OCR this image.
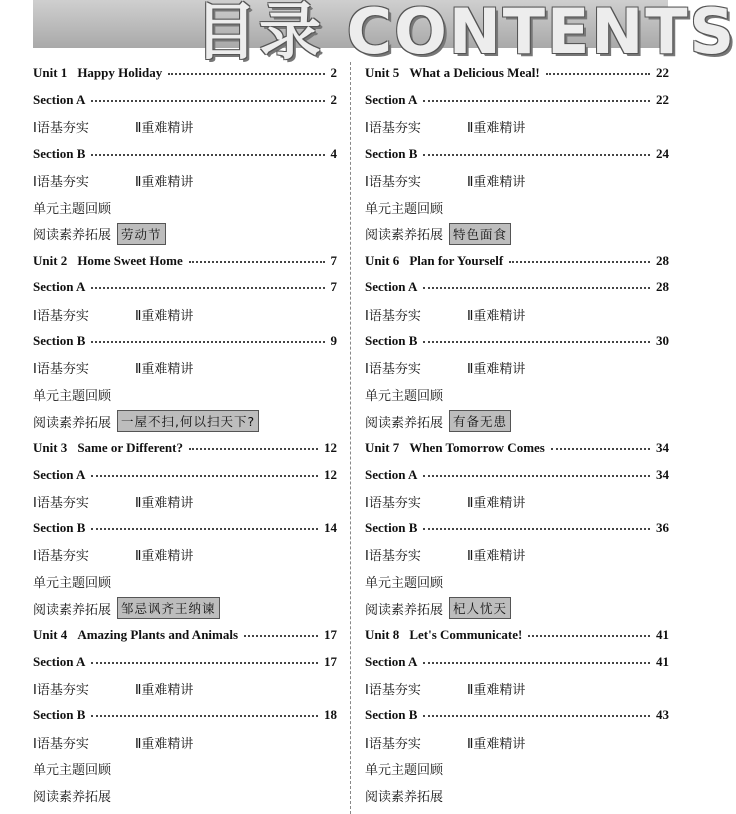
目录 CONTENTS
Unit 1 Happy Holiday	2
Section A	2
Ⅰ语基夯实	Ⅱ重难精讲
Section B	4
Ⅰ语基夯实	Ⅱ重难精讲
单元主题回顾
阅读素养拓展 劳动节
Unit 2 Home Sweet Home	7
Section A	7
Ⅰ语基夯实	Ⅱ重难精讲
Section B	9
Ⅰ语基夯实	Ⅱ重难精讲
单元主题回顾
阅读素养拓展 一屋不扫,何以扫天下?
Unit 3 Same or Different?	12
Section A	12
Ⅰ语基夯实	Ⅱ重难精讲
Section B	14
Ⅰ语基夯实	Ⅱ重难精讲
单元主题回顾
阅读素养拓展 邹忌讽齐王纳谏
Unit 4 Amazing Plants and Animals	17
Section A	17
Ⅰ语基夯实	Ⅱ重难精讲
Section B	18
Ⅰ语基夯实	Ⅱ重难精讲
单元主题回顾
阅读素养拓展
Unit 5 What a Delicious Meal!	22
Section A	22
Ⅰ语基夯实	Ⅱ重难精讲
Section B	24
Ⅰ语基夯实	Ⅱ重难精讲
单元主题回顾
阅读素养拓展 特色面食
Unit 6 Plan for Yourself	28
Section A	28
Ⅰ语基夯实	Ⅱ重难精讲
Section B	30
Ⅰ语基夯实	Ⅱ重难精讲
单元主题回顾
阅读素养拓展 有备无患
Unit 7 When Tomorrow Comes	34
Section A	34
Ⅰ语基夯实	Ⅱ重难精讲
Section B	36
Ⅰ语基夯实	Ⅱ重难精讲
单元主题回顾
阅读素养拓展 杞人忧天
Unit 8 Let's Communicate!	41
Section A	41
Ⅰ语基夯实	Ⅱ重难精讲
Section B	43
Ⅰ语基夯实	Ⅱ重难精讲
单元主题回顾
阅读素养拓展
